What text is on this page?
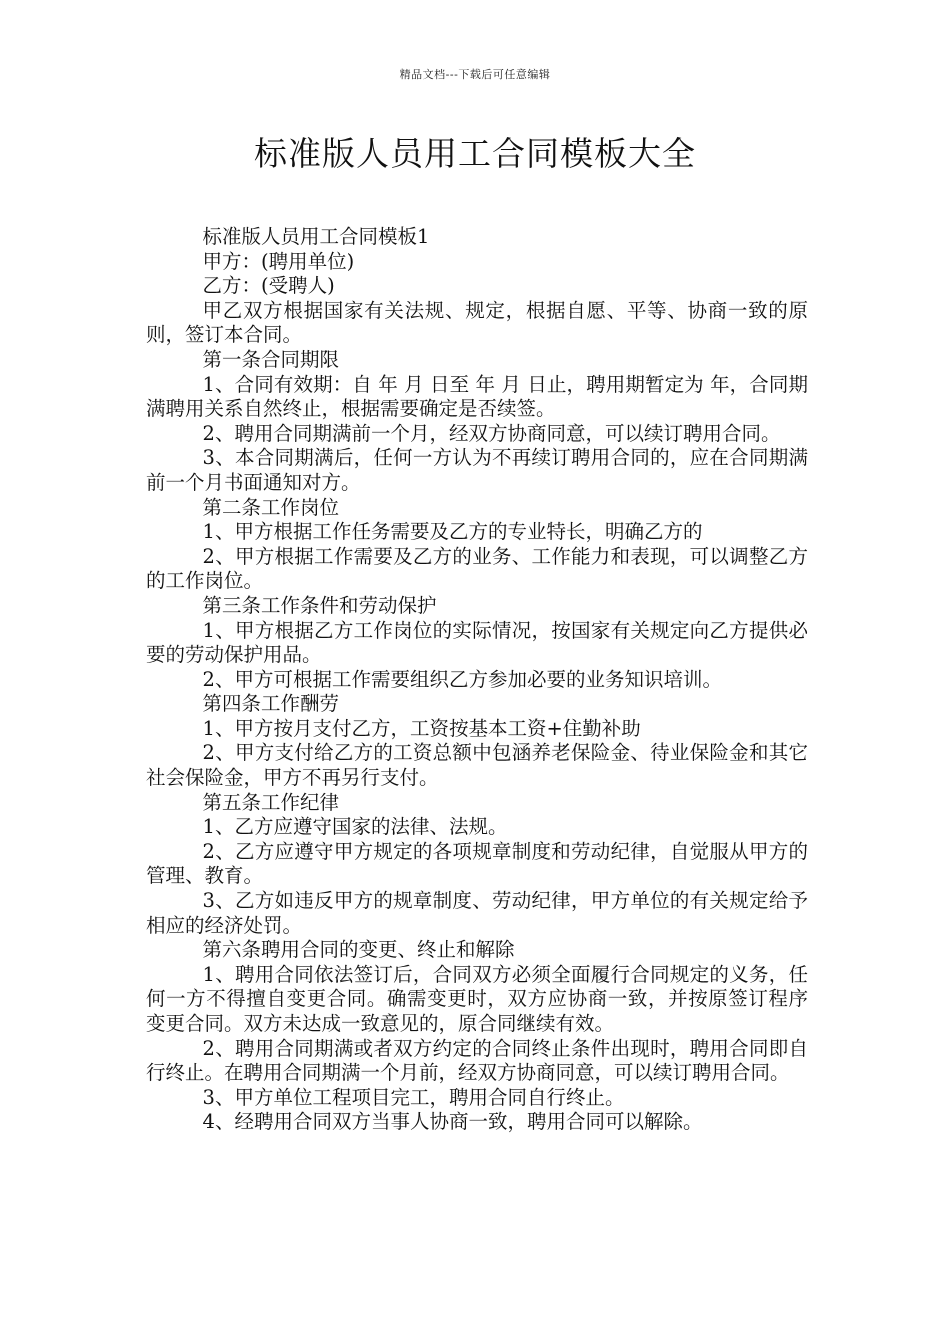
精品文档---下载后可任意编辑
标准版人员用工合同模板大全

标准版人员用工合同模板1

甲方：(聘用单位)

乙方：(受聘人)

甲乙双方根据国家有关法规、规定，根据自愿、平等、协商一致的原则，签订本合同。

第一条合同期限

1、合同有效期：自 年 月 日至 年 月 日止，聘用期暂定为 年，合同期满聘用关系自然终止，根据需要确定是否续签。

2、聘用合同期满前一个月，经双方协商同意，可以续订聘用合同。

3、本合同期满后，任何一方认为不再续订聘用合同的，应在合同期满前一个月书面通知对方。

第二条工作岗位

1、甲方根据工作任务需要及乙方的专业特长，明确乙方的

2、甲方根据工作需要及乙方的业务、工作能力和表现，可以调整乙方的工作岗位。

第三条工作条件和劳动保护

1、甲方根据乙方工作岗位的实际情况，按国家有关规定向乙方提供必要的劳动保护用品。

2、甲方可根据工作需要组织乙方参加必要的业务知识培训。

第四条工作酬劳

1、甲方按月支付乙方，工资按基本工资+住勤补助

2、甲方支付给乙方的工资总额中包涵养老保险金、待业保险金和其它社会保险金，甲方不再另行支付。

第五条工作纪律

1、乙方应遵守国家的法律、法规。

2、乙方应遵守甲方规定的各项规章制度和劳动纪律，自觉服从甲方的管理、教育。

3、乙方如违反甲方的规章制度、劳动纪律，甲方单位的有关规定给予相应的经济处罚。

第六条聘用合同的变更、终止和解除

1、聘用合同依法签订后，合同双方必须全面履行合同规定的义务，任何一方不得擅自变更合同。确需变更时，双方应协商一致，并按原签订程序变更合同。双方未达成一致意见的，原合同继续有效。

2、聘用合同期满或者双方约定的合同终止条件出现时，聘用合同即自行终止。在聘用合同期满一个月前，经双方协商同意，可以续订聘用合同。

3、甲方单位工程项目完工，聘用合同自行终止。

4、经聘用合同双方当事人协商一致，聘用合同可以解除。
